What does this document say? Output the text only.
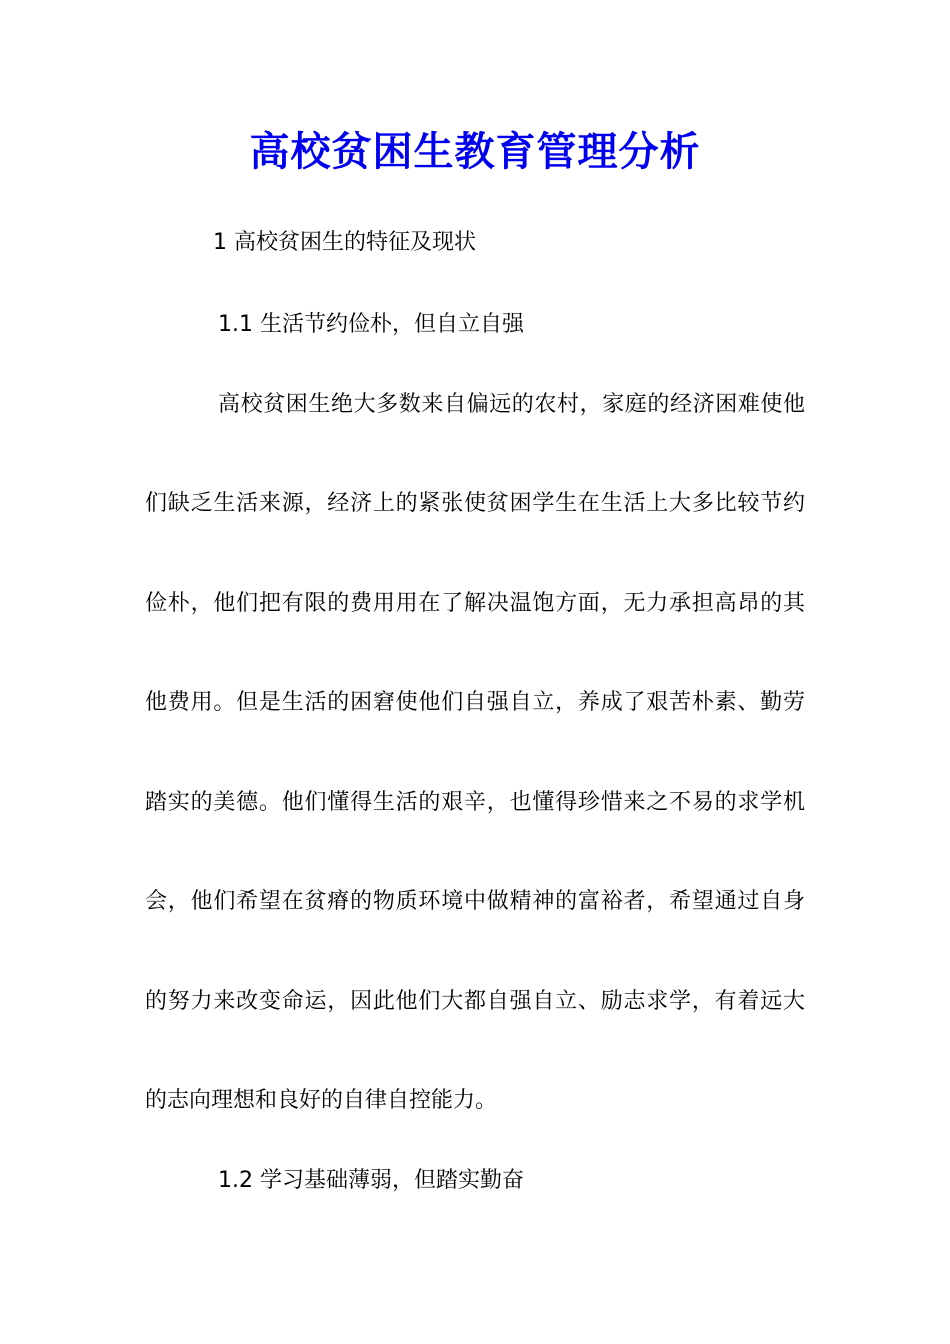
高校贫困生教育管理分析
1 高校贫困生的特征及现状
1.1 生活节约俭朴，但自立自强
高校贫困生绝大多数来自偏远的农村，家庭的经济困难使他
们缺乏生活来源，经济上的紧张使贫困学生在生活上大多比较节约
俭朴，他们把有限的费用用在了解决温饱方面，无力承担高昂的其
他费用。但是生活的困窘使他们自强自立，养成了艰苦朴素、勤劳
踏实的美德。他们懂得生活的艰辛，也懂得珍惜来之不易的求学机
会，他们希望在贫瘠的物质环境中做精神的富裕者，希望通过自身
的努力来改变命运，因此他们大都自强自立、励志求学，有着远大
的志向理想和良好的自律自控能力。
1.2 学习基础薄弱，但踏实勤奋
